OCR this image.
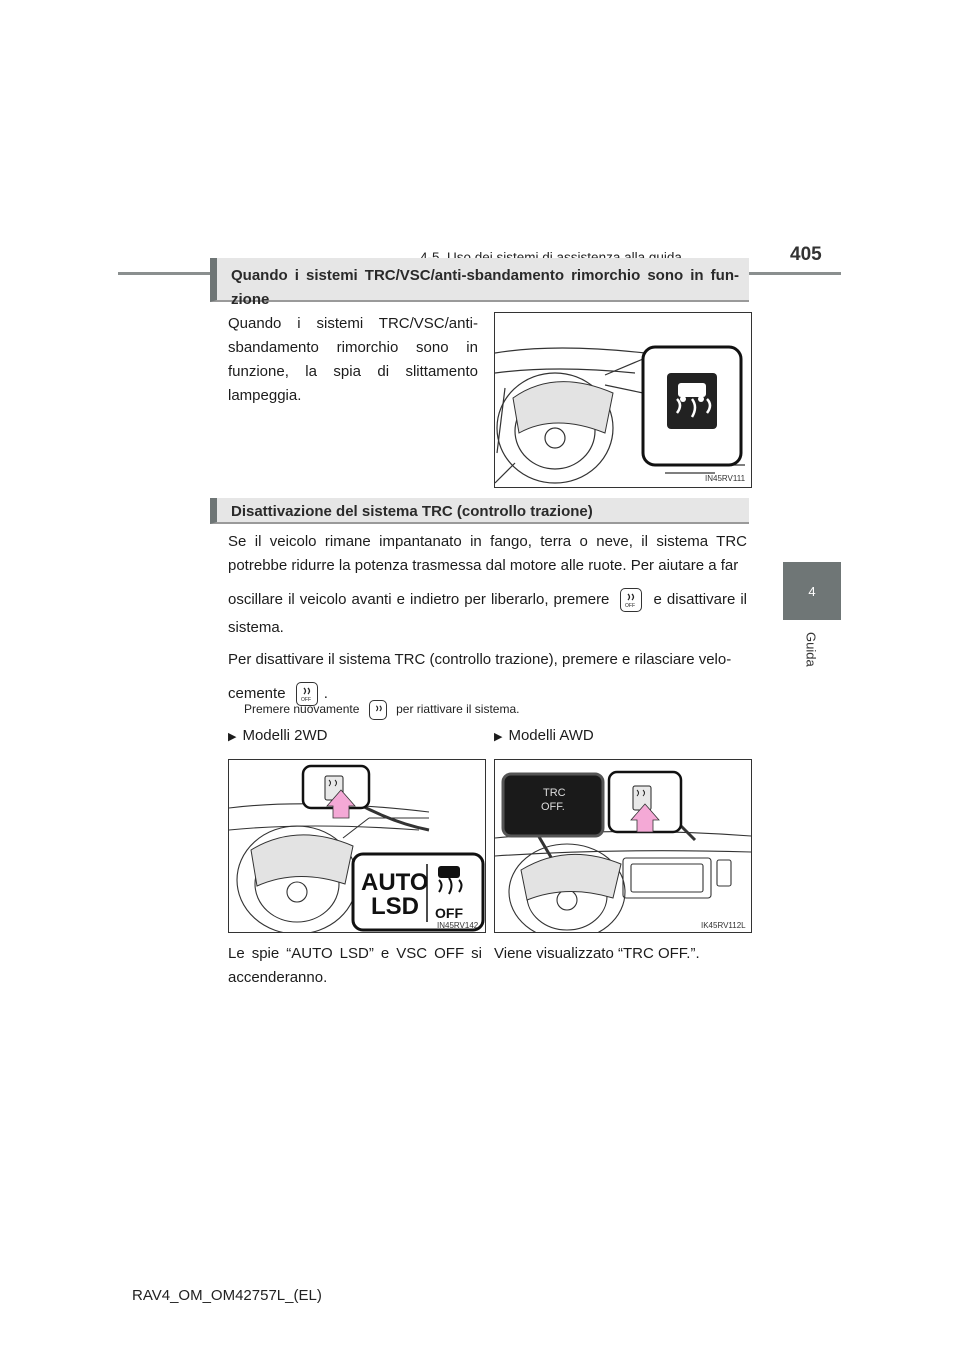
405
4
Guida
Quando i sistemi TRC/VSC/anti-sbandamento rimorchio sono in fun-
zione
Quando i sistemi TRC/VSC/anti-sbandamento rimorchio sono in funzione, la spia di slittamento lampeggia.
IN45RV111
Disattivazione del sistema TRC (controllo trazione)
Se il veicolo rimane impantanato in fango, terra o neve, il sistema TRC potrebbe ridurre la potenza trasmessa dal motore alle ruote. Per aiutare a far
oscillare il veicolo avanti e indietro per liberarlo, premere	OFF e disattivare il
sistema.
Per disattivare il sistema TRC (controllo trazione), premere e rilasciare velo-
cemente	OFF .
Premere nuovamente	per riattivare il sistema.
▶ Modelli 2WD	▶ Modelli AWD
AUTO
LSD OFF
IN45RV142
TRC
OFF.
IK45RV112L
Le spie “AUTO LSD” e VSC OFF si accenderanno.
Viene visualizzato “TRC OFF.”.
RAV4_OM_OM42757L_(EL)
